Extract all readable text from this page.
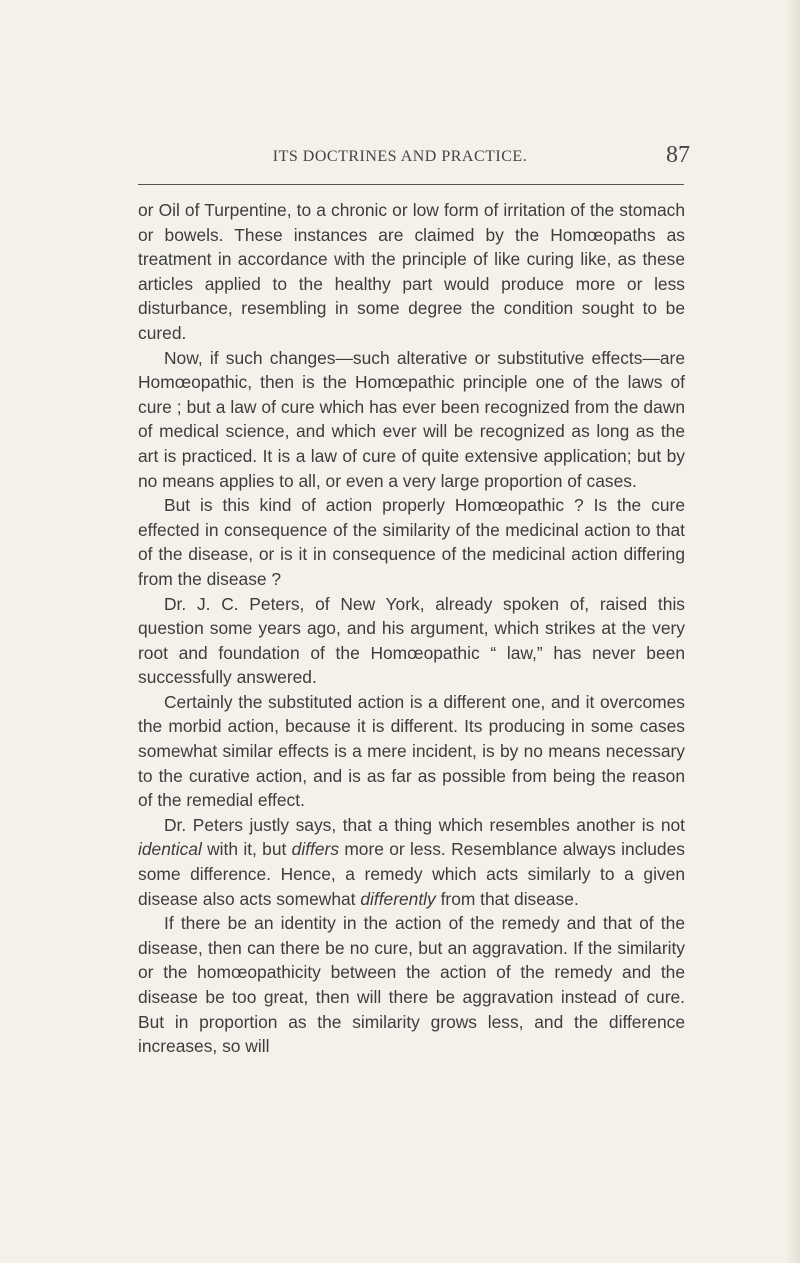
ITS DOCTRINES AND PRACTICE.	87

or Oil of Turpentine, to a chronic or low form of irritation of the stomach or bowels. These instances are claimed by the Homœopaths as treatment in accordance with the principle of like curing like, as these articles applied to the healthy part would produce more or less disturbance, resembling in some degree the condition sought to be cured.

Now, if such changes—such alterative or substitutive effects—are Homœopathic, then is the Homœpathic principle one of the laws of cure ; but a law of cure which has ever been recognized from the dawn of medical science, and which ever will be recognized as long as the art is practiced. It is a law of cure of quite extensive application; but by no means applies to all, or even a very large proportion of cases.

But is this kind of action properly Homœopathic ? Is the cure effected in consequence of the similarity of the medicinal action to that of the disease, or is it in consequence of the medicinal action differing from the disease ?

Dr. J. C. Peters, of New York, already spoken of, raised this question some years ago, and his argument, which strikes at the very root and foundation of the Homœopathic “ law,” has never been successfully answered.

Certainly the substituted action is a different one, and it overcomes the morbid action, because it is different. Its producing in some cases somewhat similar effects is a mere incident, is by no means necessary to the curative action, and is as far as possible from being the reason of the remedial effect.

Dr. Peters justly says, that a thing which resembles another is not identical with it, but differs more or less. Resemblance always includes some difference. Hence, a remedy which acts similarly to a given disease also acts somewhat differently from that disease.

If there be an identity in the action of the remedy and that of the disease, then can there be no cure, but an aggravation. If the similarity or the homœopathicity between the action of the remedy and the disease be too great, then will there be aggravation instead of cure. But in proportion as the similarity grows less, and the difference increases, so will
